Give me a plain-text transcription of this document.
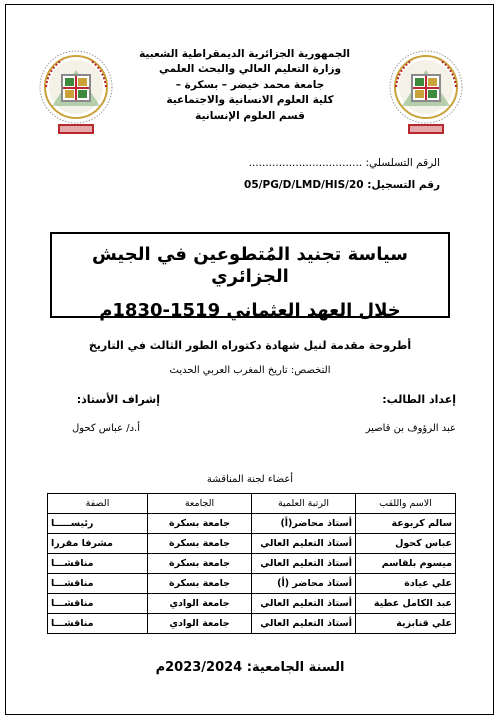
الجمهورية الجزائرية الديمقراطية الشعبية
وزارة التعليم العالي والبحث العلمي
جامعة محمد خيضر – بسكرة –
كلية العلوم الانسانية والاجتماعية
قسم العلوم الإنسانية
الرقم التسلسلي: ..................................
رقم التسجيل: 05/PG/D/LMD/HIS/20
سياسة تجنيد المُتطوعين في الجيش الجزائري
خلال العهد العثماني 1519-1830م
أطروحة مقدمة لنيل شهادة دكتوراه الطور الثالث في التاريخ
التخصص: تاريخ المغرب العربي الحديث
إعداد الطالب:
إشراف الأستاذ:
عبد الرؤوف بن قاصير
أ.د/ عباس كحول
أعضاء لجنة المناقشة
الاسم واللقب	الرتبة العلمية	الجامعة	الصفة
سالم كربوعة	أستاذ محاضر(أ)	جامعة بسكرة	رئيســـــا
عباس كحول	أستاذ التعليم العالي	جامعة بسكرة	مشرفا مقررا
ميسوم بلقاسم	أستاذ التعليم العالي	جامعة بسكرة	مناقشـــا
علي عيادة	أستاذ محاضر (أ)	جامعة بسكرة	مناقشـــا
عبد الكامل عطية	أستاذ التعليم العالي	جامعة الوادي	مناقشـــا
علي قنابزية	أستاذ التعليم العالي	جامعة الوادي	مناقشـــا
السنة الجامعية: 2023/2024م
